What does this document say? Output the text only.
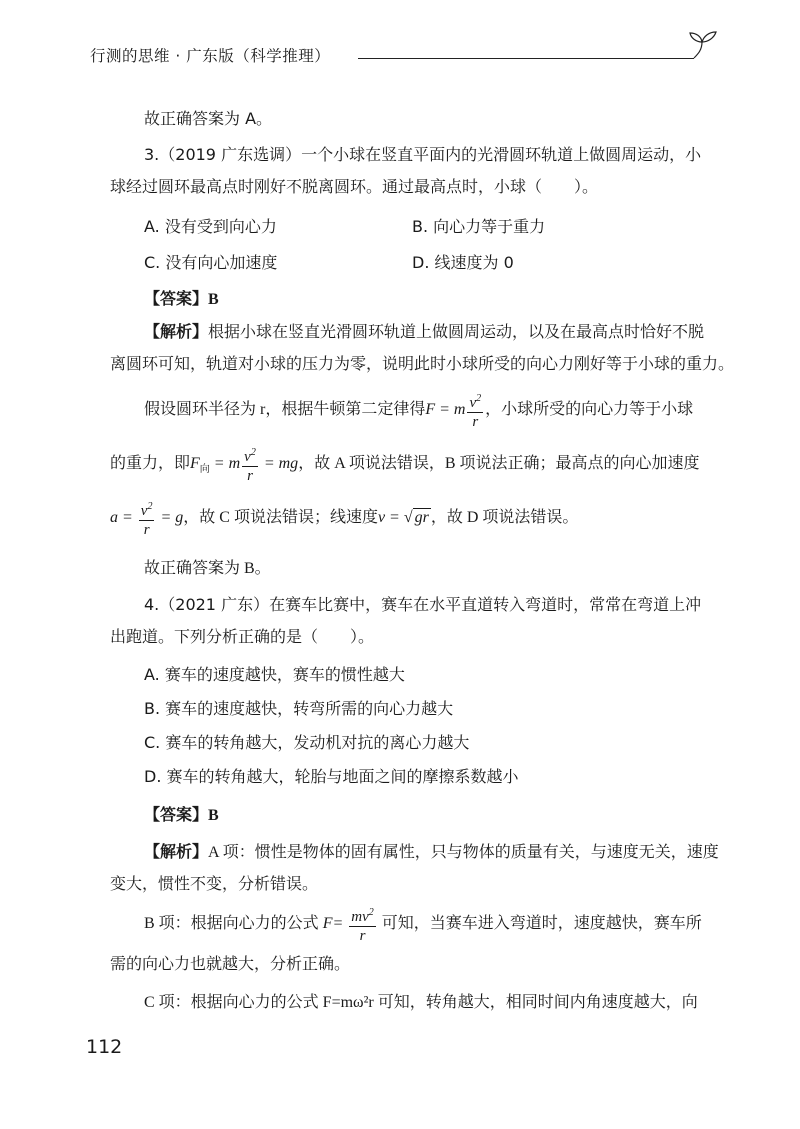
行测的思维 · 广东版（科学推理）

故正确答案为 A。

3.（2019 广东选调）一个小球在竖直平面内的光滑圆环轨道上做圆周运动，小

球经过圆环最高点时刚好不脱离圆环。通过最高点时，小球（　　）。

A. 没有受到向心力	B. 向心力等于重力
C. 没有向心加速度	D. 线速度为 0

【答案】B

【解析】根据小球在竖直光滑圆环轨道上做圆周运动，以及在最高点时恰好不脱

离圆环可知，轨道对小球的压力为零，说明此时小球所受的向心力刚好等于小球的重力。

假设圆环半径为 r，根据牛顿第二定律得F = m $\frac{v^2}{r}$ ，小球所受的向心力等于小球

的重力，即$F_向 = m \frac{v^2}{r}$ = mg，故 A 项说法错误，B 项说法正确；最高点的向心加速度

$a = \frac{v^2}{r} = g$，故 C 项说法错误；线速度v = √ gr ，故 D 项说法错误。

故正确答案为 B。

4.（2021 广东）在赛车比赛中，赛车在水平直道转入弯道时，常常在弯道上冲

出跑道。下列分析正确的是（　　）。

A. 赛车的速度越快，赛车的惯性越大

B. 赛车的速度越快，转弯所需的向心力越大

C. 赛车的转角越大，发动机对抗的离心力越大

D. 赛车的转角越大，轮胎与地面之间的摩擦系数越小

【答案】B

【解析】A 项：惯性是物体的固有属性，只与物体的质量有关，与速度无关，速度

变大，惯性不变，分析错误。

B 项：根据向心力的公式 $F= \frac{mv^2}{r}$ 可知，当赛车进入弯道时，速度越快，赛车所

需的向心力也就越大，分析正确。

C 项：根据向心力的公式 F=mω²r 可知，转角越大，相同时间内角速度越大，向

112
